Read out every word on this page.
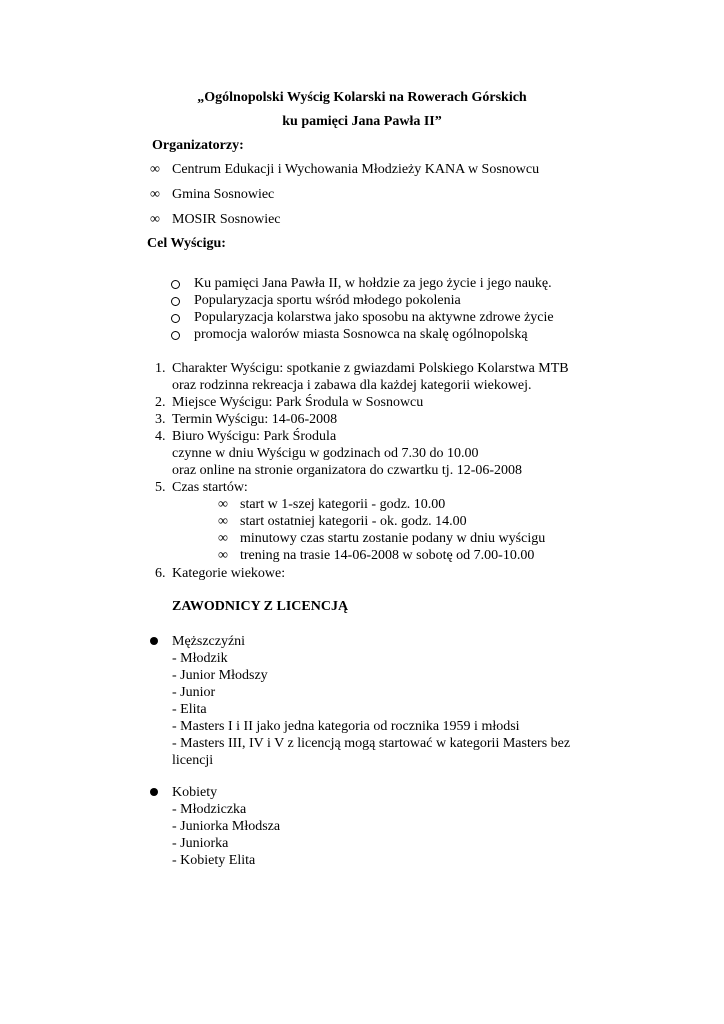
„Ogólnopolski Wyścig Kolarski na Rowerach Górskich
ku pamięci Jana Pawła II”
Organizatorzy:
∞ Centrum Edukacji i Wychowania Młodzieży KANA w Sosnowcu
∞ Gmina Sosnowiec
∞ MOSIR Sosnowiec
Cel Wyścigu:
Ku pamięci Jana Pawła II, w hołdzie za jego życie i jego naukę.
Popularyzacja sportu wśród młodego pokolenia
Popularyzacja kolarstwa jako sposobu na aktywne zdrowe życie
promocja walorów miasta Sosnowca na skalę ogólnopolską
1. Charakter Wyścigu: spotkanie z gwiazdami Polskiego Kolarstwa MTB
oraz rodzinna rekreacja i zabawa dla każdej kategorii wiekowej.
2. Miejsce Wyścigu: Park Środula w Sosnowcu
3. Termin Wyścigu: 14-06-2008
4. Biuro Wyścigu: Park Środula
czynne w dniu Wyścigu w godzinach od 7.30 do 10.00
oraz online na stronie organizatora do czwartku tj. 12-06-2008
5. Czas startów:
∞ start w 1-szej kategorii - godz. 10.00
∞ start ostatniej kategorii - ok. godz. 14.00
∞ minutowy czas startu zostanie podany w dniu wyścigu
∞ trening na trasie 14-06-2008 w sobotę od 7.00-10.00
6. Kategorie wiekowe:
ZAWODNICY Z LICENCJĄ
Męższczyźni
- Młodzik
- Junior Młodszy
- Junior
- Elita
- Masters I i II jako jedna kategoria od rocznika 1959 i młodsi
- Masters III, IV i V z licencją mogą startować w kategorii Masters bez
licencji
Kobiety
- Młodziczka
- Juniorka Młodsza
- Juniorka
- Kobiety Elita
